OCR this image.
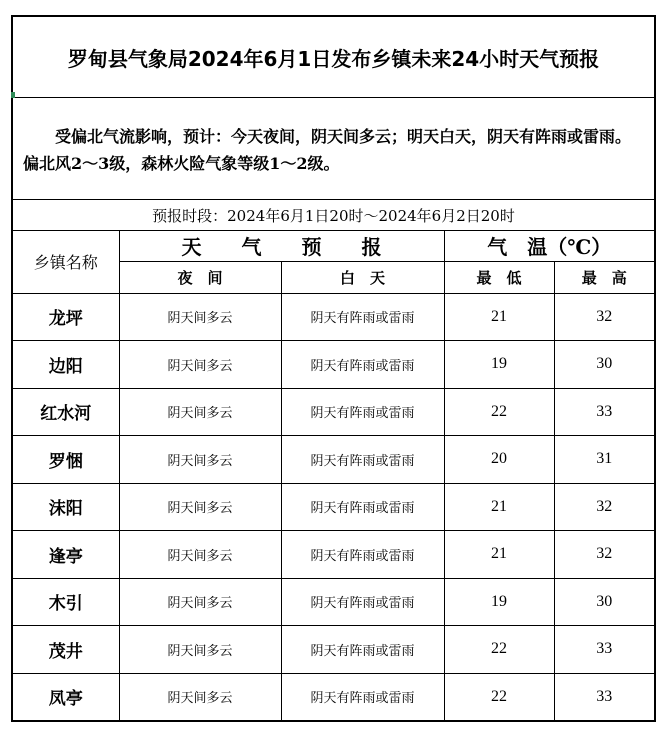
罗甸县气象局2024年6月1日发布乡镇未来24小时天气预报
受偏北气流影响，预计：今天夜间，阴天间多云；明天白天，阴天有阵雨或雷雨。偏北风2～3级，森林火险气象等级1～2级。
预报时段：2024年6月1日20时～2024年6月2日20时
乡镇名称	天　　气　　预　　报		气　温（℃）	
	夜　间	白　天	最　低	最　高
龙坪	阴天间多云	阴天有阵雨或雷雨	21	32
边阳	阴天间多云	阴天有阵雨或雷雨	19	30
红水河	阴天间多云	阴天有阵雨或雷雨	22	33
罗悃	阴天间多云	阴天有阵雨或雷雨	20	31
沫阳	阴天间多云	阴天有阵雨或雷雨	21	32
逢亭	阴天间多云	阴天有阵雨或雷雨	21	32
木引	阴天间多云	阴天有阵雨或雷雨	19	30
茂井	阴天间多云	阴天有阵雨或雷雨	22	33
凤亭	阴天间多云	阴天有阵雨或雷雨	22	33
